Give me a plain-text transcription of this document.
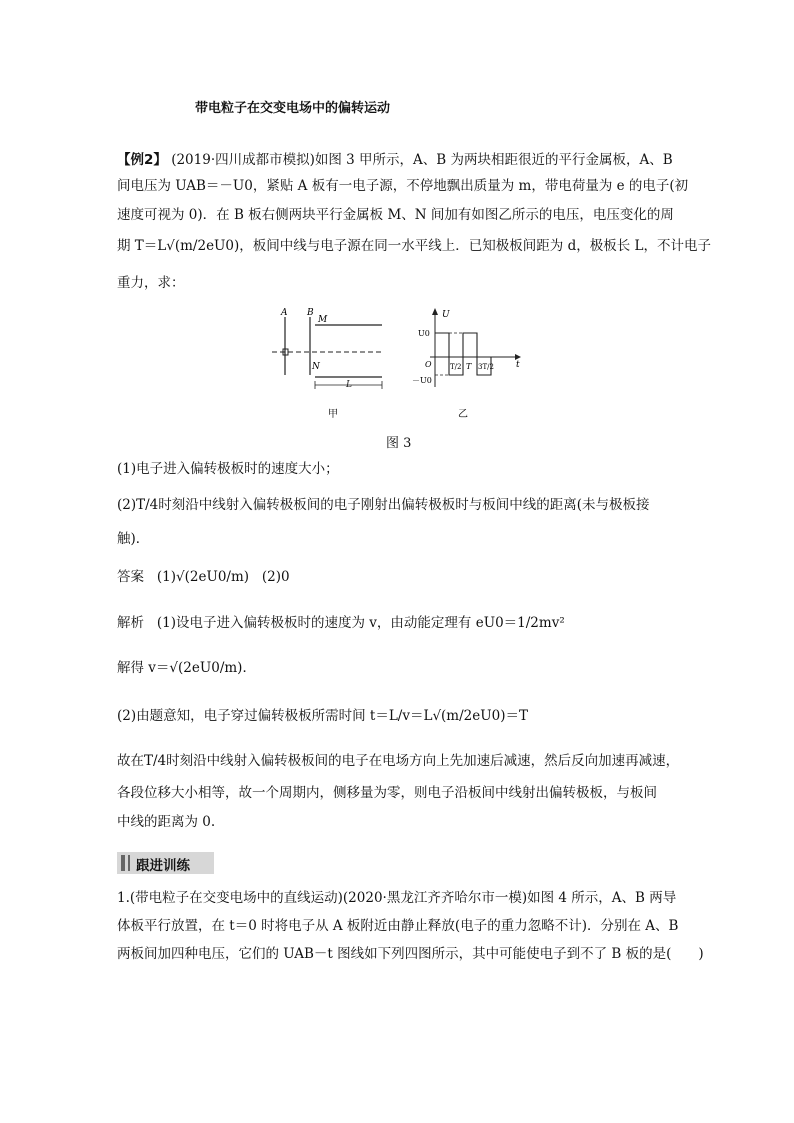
带电粒子在交变电场中的偏转运动
【例2】 (2019·四川成都市模拟)如图 3 甲所示，A、B 为两块相距很近的平行金属板，A、B
间电压为 UAB＝－U0，紧贴 A 板有一电子源，不停地飘出质量为 m，带电荷量为 e 的电子(初
速度可视为 0)．在 B 板右侧两块平行金属板 M、N 间加有如图乙所示的电压，电压变化的周
期 T＝L√(m/2eU0)，板间中线与电子源在同一水平线上．已知极板间距为 d，极板长 L，不计电子
重力，求：
A B
M
N
L
甲
U
U0
－U0
O	t
T/2 T 3T/2
乙
图 3
(1)电子进入偏转极板时的速度大小；
(2)T/4时刻沿中线射入偏转极板间的电子刚射出偏转极板时与板间中线的距离(未与极板接
触)．
答案 (1)√(2eU0/m) (2)0
解析 (1)设电子进入偏转极板时的速度为 v，由动能定理有 eU0＝1/2mv²
解得 v＝√(2eU0/m)．
(2)由题意知，电子穿过偏转极板所需时间 t＝L/v＝L√(m/2eU0)＝T
故在T/4时刻沿中线射入偏转极板间的电子在电场方向上先加速后减速，然后反向加速再减速，
各段位移大小相等，故一个周期内，侧移量为零，则电子沿板间中线射出偏转极板，与板间
中线的距离为 0.
跟进训练
1.(带电粒子在交变电场中的直线运动)(2020·黑龙江齐齐哈尔市一模)如图 4 所示，A、B 两导
体板平行放置，在 t＝0 时将电子从 A 板附近由静止释放(电子的重力忽略不计)．分别在 A、B
两板间加四种电压，它们的 UAB－t 图线如下列四图所示，其中可能使电子到不了 B 板的是(　　)
